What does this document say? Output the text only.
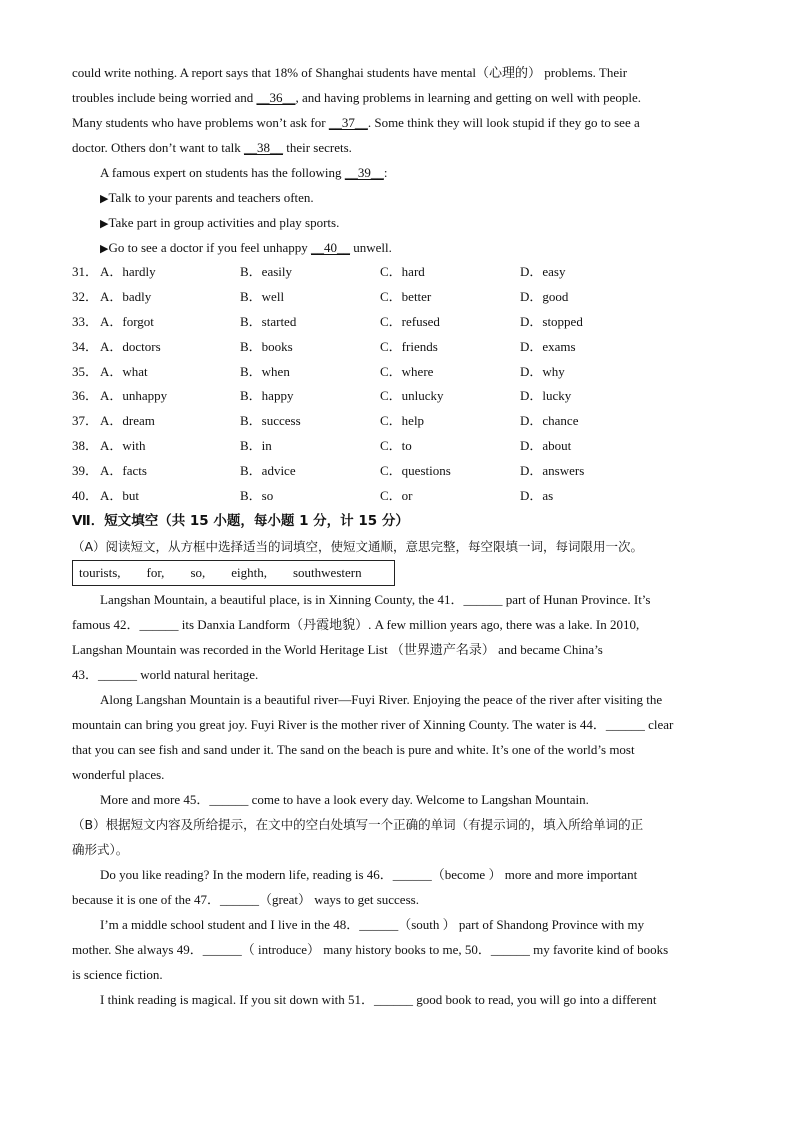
could write nothing. A report says that 18% of Shanghai students have mental（心理的） problems. Their
troubles include being worried and __36__, and having problems in learning and getting on well with people.
Many students who have problems won’t ask for __37__. Some think they will look stupid if they go to see a
doctor. Others don’t want to talk __38__ their secrets.
A famous expert on students has the following __39__:
▶Talk to your parents and teachers often.
▶Take part in group activities and play sports.
▶Go to see a doctor if you feel unhappy __40__ unwell.
31． A．hardly	B．easily	C．hard	D．easy
32． A．badly	B．well	C．better	D．good
33． A．forgot	B．started	C．refused	D．stopped
34． A．doctors	B．books	C．friends	D．exams
35． A．what	B．when	C．where	D．why
36． A．unhappy	B．happy	C．unlucky	D．lucky
37． A．dream	B．success	C．help	D．chance
38． A．with	B．in	C．to	D．about
39． A．facts	B．advice	C．questions	D．answers
40． A．but	B．so	C．or	D．as
Ⅶ．短文填空（共 15 小题，每小题 1 分，计 15 分）
（A）阅读短文，从方框中选择适当的词填空，使短文通顺，意思完整，每空限填一词，每词限用一次。
tourists, for, so, eighth, southwestern
Langshan Mountain, a beautiful place, is in Xinning County, the 41．______ part of Hunan Province. It’s
famous 42．______ its Danxia Landform（丹霞地貌）. A few million years ago, there was a lake. In 2010,
Langshan Mountain was recorded in the World Heritage List （世界遗产名录） and became China’s
43．______ world natural heritage.
Along Langshan Mountain is a beautiful river—Fuyi River. Enjoying the peace of the river after visiting the
mountain can bring you great joy. Fuyi River is the mother river of Xinning County. The water is 44．______ clear
that you can see fish and sand under it. The sand on the beach is pure and white. It’s one of the world’s most
wonderful places.
More and more 45．______ come to have a look every day. Welcome to Langshan Mountain.
（B）根据短文内容及所给提示，在文中的空白处填写一个正确的单词（有提示词的，填入所给单词的正
确形式）。
Do you like reading? In the modern life, reading is 46．______（become ） more and more important
because it is one of the 47．______（great） ways to get success.
I’m a middle school student and I live in the 48．______（south ） part of Shandong Province with my
mother. She always 49．______（ introduce） many history books to me, 50．______ my favorite kind of books
is science fiction.
I think reading is magical. If you sit down with 51．______ good book to read, you will go into a different
